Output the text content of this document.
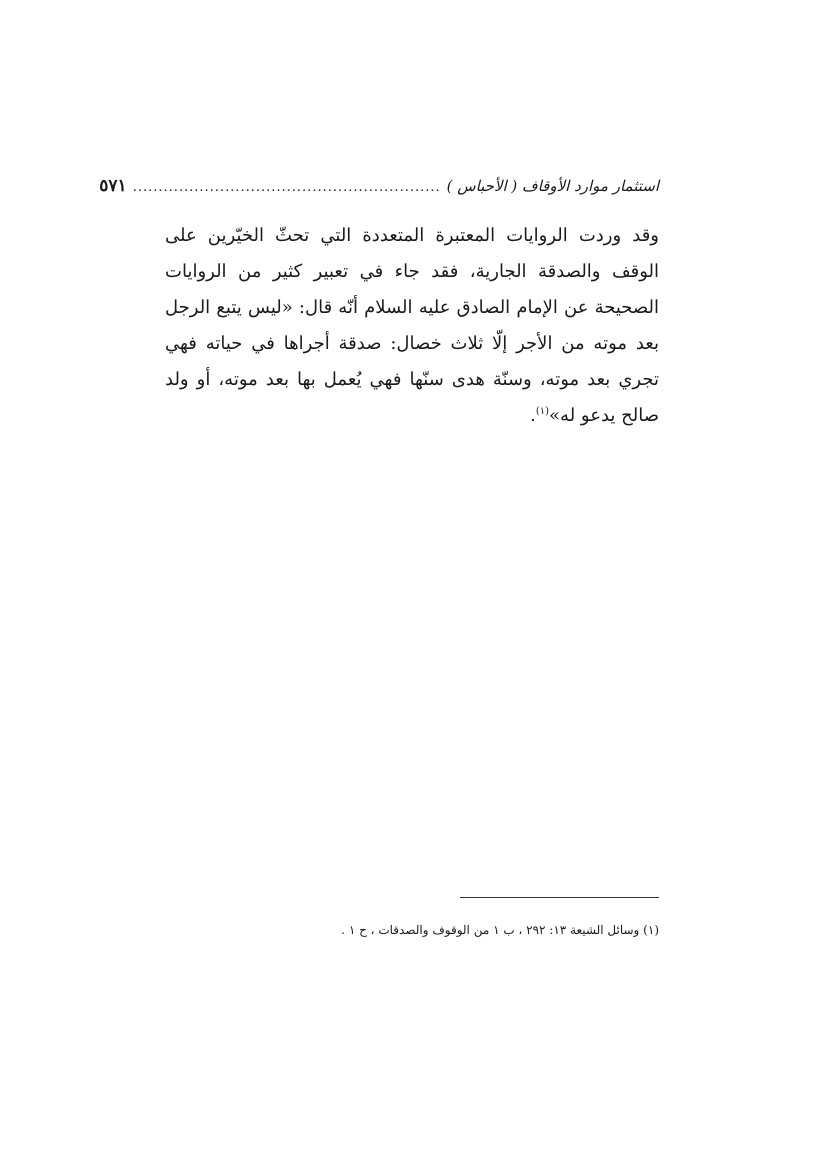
استثمار موارد الأوقاف ( الأحباس )
............................................................
٥٧١

وقد وردت الروايات المعتبرة المتعددة التي تحثّ الخيّرين على الوقف والصدقة الجارية، فقد جاء في تعبير كثير من الروايات الصحيحة عن الإمام الصادق عليه السلام أنّه قال: «ليس يتبع الرجل بعد موته من الأجر إلّا ثلاث خصال: صدقة أجراها في حياته فهي تجري بعد موته، وسنّة هدى سنّها فهي يُعمل بها بعد موته، أو ولد صالح يدعو له»$^{(١)}$.

(١) وسائل الشيعة ١٣: ٢٩٢ ، ب ١ من الوقوف والصدقات ، ح ١ .
